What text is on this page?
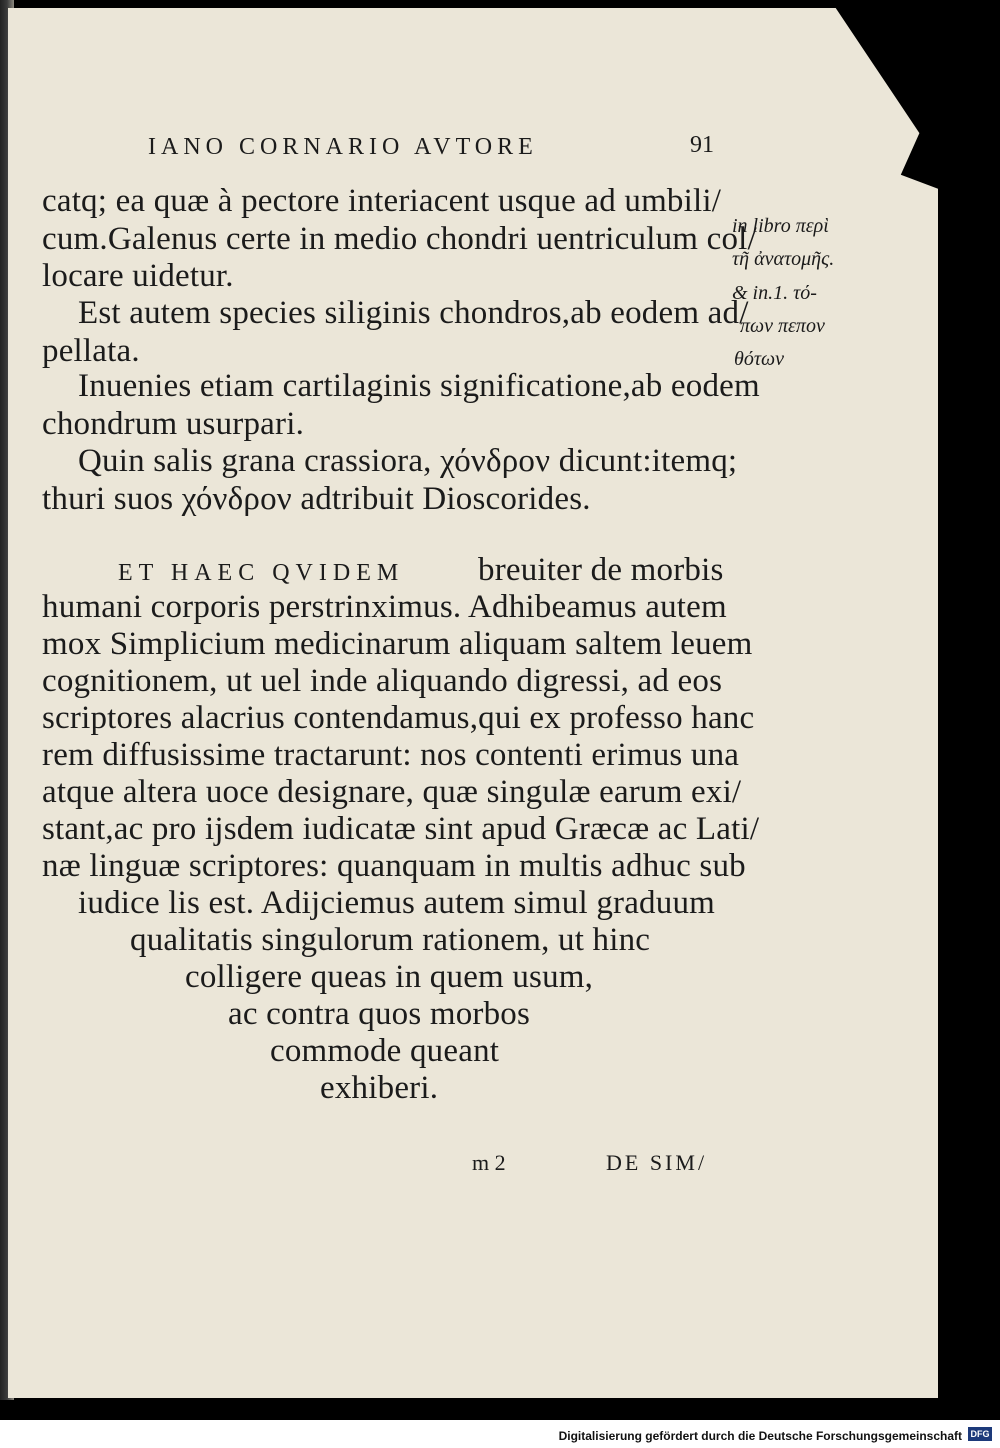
IANO CORNARIO AVTORE	91
catq; ea quæ à pectore interiacent usque ad umbili/
cum.Galenus certe in medio chondri uentriculum col/
locare uidetur.
Est autem species siliginis chondros,ab eodem ad/
pellata.
Inuenies etiam cartilaginis significatione,ab eodem
chondrum usurpari.
Quin salis grana crassiora, χόνδρον dicunt:itemq;
thuri suos χόνδρον adtribuit Dioscorides.
in libro περὶ
τῆ ἀνατομῆς.
& in.1. τό-
πων πεπον
θότων
ET HAEC QVIDEM breuiter de morbis
humani corporis perstrinximus. Adhibeamus autem
mox Simplicium medicinarum aliquam saltem leuem
cognitionem, ut uel inde aliquando digressi, ad eos
scriptores alacrius contendamus,qui ex professo hanc
rem diffusissime tractarunt: nos contenti erimus una
atque altera uoce designare, quæ singulæ earum exi/
stant,ac pro ijsdem iudicatæ sint apud Græcæ ac Lati/
næ linguæ scriptores: quanquam in multis adhuc sub
iudice lis est. Adijciemus autem simul graduum
qualitatis singulorum rationem, ut hinc
colligere queas in quem usum,
ac contra quos morbos
commode queant
exhiberi.
m 2	DE SIM/
Digitalisierung gefördert durch die Deutsche Forschungsgemeinschaft DFG
